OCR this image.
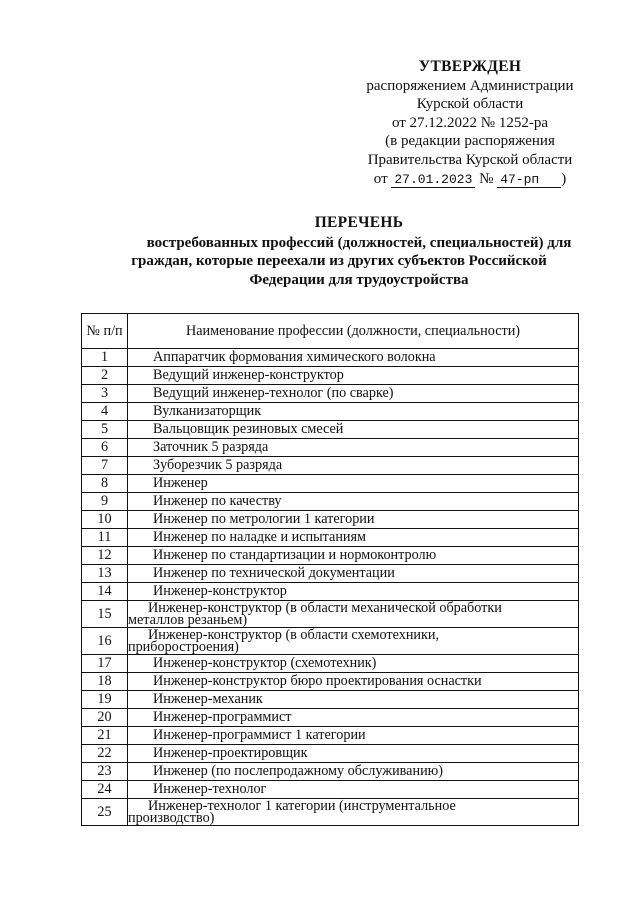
УТВЕРЖДЕН
распоряжением Администрации
Курской области
от 27.12.2022 № 1252-ра
(в редакции распоряжения
Правительства Курской области
от 27.01.2023 № 47-рп )
ПЕРЕЧЕНЬ
востребованных профессий (должностей, специальностей) для
граждан, которые переехали из других субъектов Российской
Федерации для трудоустройства
№ п/п	Наименование профессии (должности, специальности)
1	Аппаратчик формования химического волокна
2	Ведущий инженер-конструктор
3	Ведущий инженер-технолог (по сварке)
4	Вулканизаторщик
5	Вальцовщик резиновых смесей
6	Заточник 5 разряда
7	Зуборезчик 5 разряда
8	Инженер
9	Инженер по качеству
10	Инженер по метрологии 1 категории
11	Инженер по наладке и испытаниям
12	Инженер по стандартизации и нормоконтролю
13	Инженер по технической документации
14	Инженер-конструктор
15	Инженер-конструктор (в области механической обработки
металлов резаньем)
16	Инженер-конструктор (в области схемотехники,
приборостроения)
17	Инженер-конструктор (схемотехник)
18	Инженер-конструктор бюро проектирования оснастки
19	Инженер-механик
20	Инженер-программист
21	Инженер-программист 1 категории
22	Инженер-проектировщик
23	Инженер (по послепродажному обслуживанию)
24	Инженер-технолог
25	Инженер-технолог 1 категории (инструментальное
производство)
